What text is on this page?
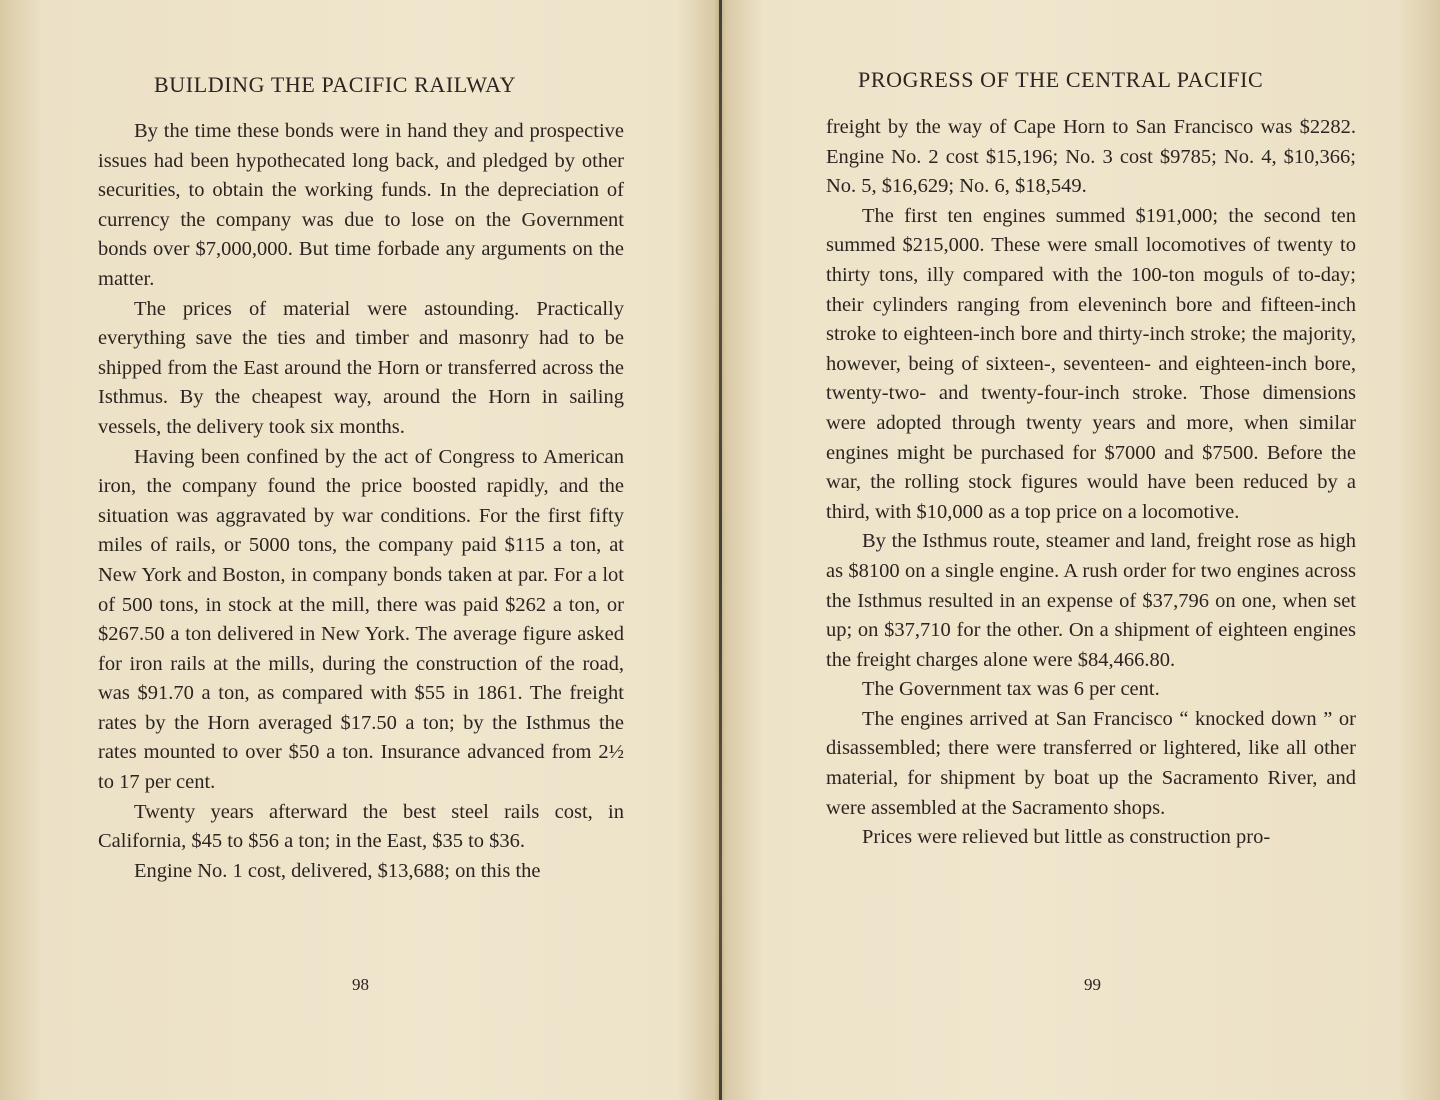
BUILDING THE PACIFIC RAILWAY

By the time these bonds were in hand they and prospective issues had been hypothecated long back, and pledged by other securities, to obtain the working funds. In the depreciation of currency the company was due to lose on the Government bonds over $7,000,000. But time forbade any arguments on the matter.

The prices of material were astounding. Practically everything save the ties and timber and masonry had to be shipped from the East around the Horn or transferred across the Isthmus. By the cheapest way, around the Horn in sailing vessels, the delivery took six months.

Having been confined by the act of Congress to American iron, the company found the price boosted rapidly, and the situation was aggravated by war conditions. For the first fifty miles of rails, or 5000 tons, the company paid $115 a ton, at New York and Boston, in company bonds taken at par. For a lot of 500 tons, in stock at the mill, there was paid $262 a ton, or $267.50 a ton delivered in New York. The average figure asked for iron rails at the mills, during the construction of the road, was $91.70 a ton, as compared with $55 in 1861. The freight rates by the Horn averaged $17.50 a ton; by the Isthmus the rates mounted to over $50 a ton. Insurance advanced from 2½ to 17 per cent.

Twenty years afterward the best steel rails cost, in California, $45 to $56 a ton; in the East, $35 to $36.

Engine No. 1 cost, delivered, $13,688; on this the

98
PROGRESS OF THE CENTRAL PACIFIC

freight by the way of Cape Horn to San Francisco was $2282. Engine No. 2 cost $15,196; No. 3 cost $9785; No. 4, $10,366; No. 5, $16,629; No. 6, $18,549.

The first ten engines summed $191,000; the second ten summed $215,000. These were small locomotives of twenty to thirty tons, illy compared with the 100-ton moguls of to-day; their cylinders ranging from eleveninch bore and fifteen-inch stroke to eighteen-inch bore and thirty-inch stroke; the majority, however, being of sixteen-, seventeen- and eighteen-inch bore, twenty-two- and twenty-four-inch stroke. Those dimensions were adopted through twenty years and more, when similar engines might be purchased for $7000 and $7500. Before the war, the rolling stock figures would have been reduced by a third, with $10,000 as a top price on a locomotive.

By the Isthmus route, steamer and land, freight rose as high as $8100 on a single engine. A rush order for two engines across the Isthmus resulted in an expense of $37,796 on one, when set up; on $37,710 for the other. On a shipment of eighteen engines the freight charges alone were $84,466.80.

The Government tax was 6 per cent.

The engines arrived at San Francisco “ knocked down ” or disassembled; there were transferred or lightered, like all other material, for shipment by boat up the Sacramento River, and were assembled at the Sacramento shops.

Prices were relieved but little as construction pro-

99
